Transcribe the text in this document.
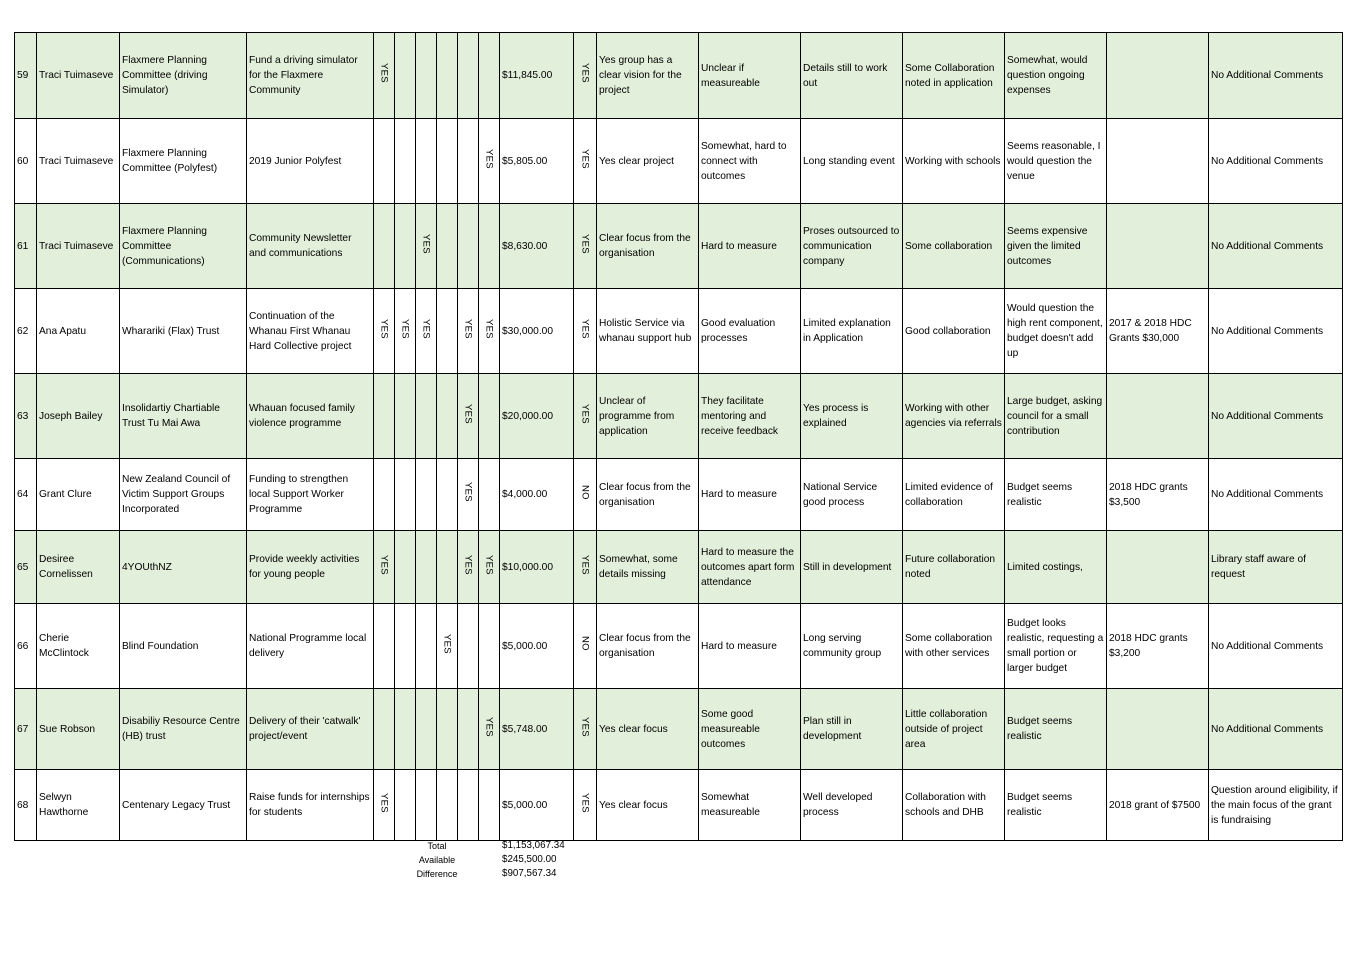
59	Traci Tuimaseve	Flaxmere Planning Committee (driving Simulator)	Fund a driving simulator for the Flaxmere Community	YES						$11,845.00	YES	Yes group has a clear vision for the project	Unclear if measureable	Details still to work out	Some Collaboration noted in application	Somewhat, would question ongoing expenses		No Additional Comments
60	Traci Tuimaseve	Flaxmere Planning Committee (Polyfest)	2019 Junior Polyfest						YES	$5,805.00	YES	Yes clear project	Somewhat, hard to connect with outcomes	Long standing event	Working with schools	Seems reasonable, I would question the venue		No Additional Comments
61	Traci Tuimaseve	Flaxmere Planning Committee (Communications)	Community Newsletter and communications			YES				$8,630.00	YES	Clear focus from the organisation	Hard to measure	Proses outsourced to communication company	Some collaboration	Seems expensive given the limited outcomes		No Additional Comments
62	Ana Apatu	Wharariki (Flax) Trust	Continuation of the Whanau First Whanau Hard Collective project	YES	YES	YES		YES	YES	$30,000.00	YES	Holistic Service via whanau support hub	Good evaluation processes	Limited explanation in Application	Good collaboration	Would question the high rent component, budget doesn't add up	2017 & 2018 HDC Grants $30,000	No Additional Comments
63	Joseph Bailey	Insolidartiy Chartiable Trust Tu Mai Awa	Whauan focused family violence programme					YES		$20,000.00	YES	Unclear of programme from application	They facilitate mentoring and receive feedback	Yes process is explained	Working with other agencies via referrals	Large budget, asking council for a small contribution		No Additional Comments
64	Grant Clure	New Zealand Council of Victim Support Groups Incorporated	Funding to strengthen local Support Worker Programme					YES		$4,000.00	NO	Clear focus from the organisation	Hard to measure	National Service good process	Limited evidence of collaboration	Budget seems realistic	2018 HDC grants $3,500	No Additional Comments
65	Desiree Cornelissen	4YOUthNZ	Provide weekly activities for young people	YES				YES	YES	$10,000.00	YES	Somewhat, some details missing	Hard to measure the outcomes apart form attendance	Still in development	Future collaboration noted	Limited costings,		Library staff aware of request
66	Cherie McClintock	Blind Foundation	National Programme local delivery				YES			$5,000.00	NO	Clear focus from the organisation	Hard to measure	Long serving community group	Some collaboration with other services	Budget looks realistic, requesting a small portion or larger budget	2018 HDC grants $3,200	No Additional Comments
67	Sue Robson	Disabiliy Resource Centre (HB) trust	Delivery of their 'catwalk' project/event						YES	$5,748.00	YES	Yes clear focus	Some good measureable outcomes	Plan still in development	Little collaboration outside of project area	Budget seems realistic		No Additional Comments
68	Selwyn Hawthorne	Centenary Legacy Trust	Raise funds for internships for students	YES						$5,000.00	YES	Yes clear focus	Somewhat measureable	Well developed process	Collaboration with schools and DHB	Budget seems realistic	2018 grant of $7500	Question around eligibility, if the main focus of the grant is fundraising
Total	$1,153,067.34
Available	$245,500.00
Difference	$907,567.34
